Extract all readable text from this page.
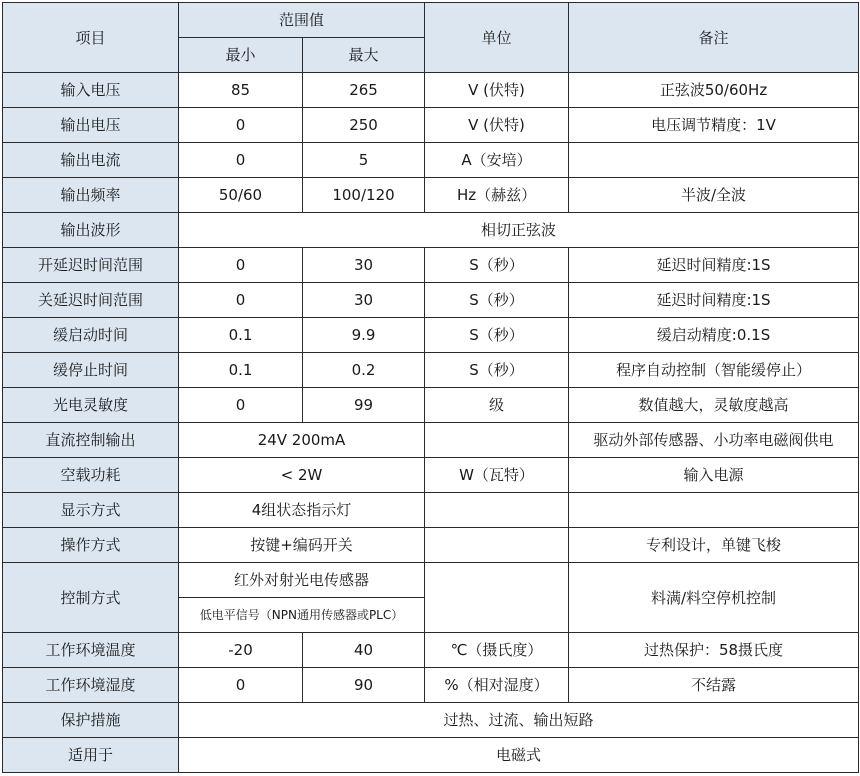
项目	范围值		单位	备注
	最小	最大		
输入电压	85	265	V (伏特)	正弦波50/60Hz
输出电压	0	250	V (伏特)	电压调节精度：1V
输出电流	0	5	A（安培）	
输出频率	50/60	100/120	Hz（赫兹）	半波/全波
输出波形	相切正弦波			
开延迟时间范围	0	30	S（秒）	延迟时间精度:1S
关延迟时间范围	0	30	S（秒）	延迟时间精度:1S
缓启动时间	0.1	9.9	S（秒）	缓启动精度:0.1S
缓停止时间	0.1	0.2	S（秒）	程序自动控制（智能缓停止）
光电灵敏度	0	99	级	数值越大，灵敏度越高
直流控制输出	24V 200mA			驱动外部传感器、小功率电磁阀供电
空载功耗	< 2W		W（瓦特）	输入电源
显示方式	4组状态指示灯			
操作方式	按键+编码开关			专利设计，单键飞梭
控制方式	红外对射光电传感器			料满/料空停机控制
	低电平信号（NPN通用传感器或PLC）			
工作环境温度	-20	40	℃（摄氏度）	过热保护：58摄氏度
工作环境湿度	0	90	%（相对湿度）	不结露
保护措施	过热、过流、输出短路			
适用于	电磁式			
